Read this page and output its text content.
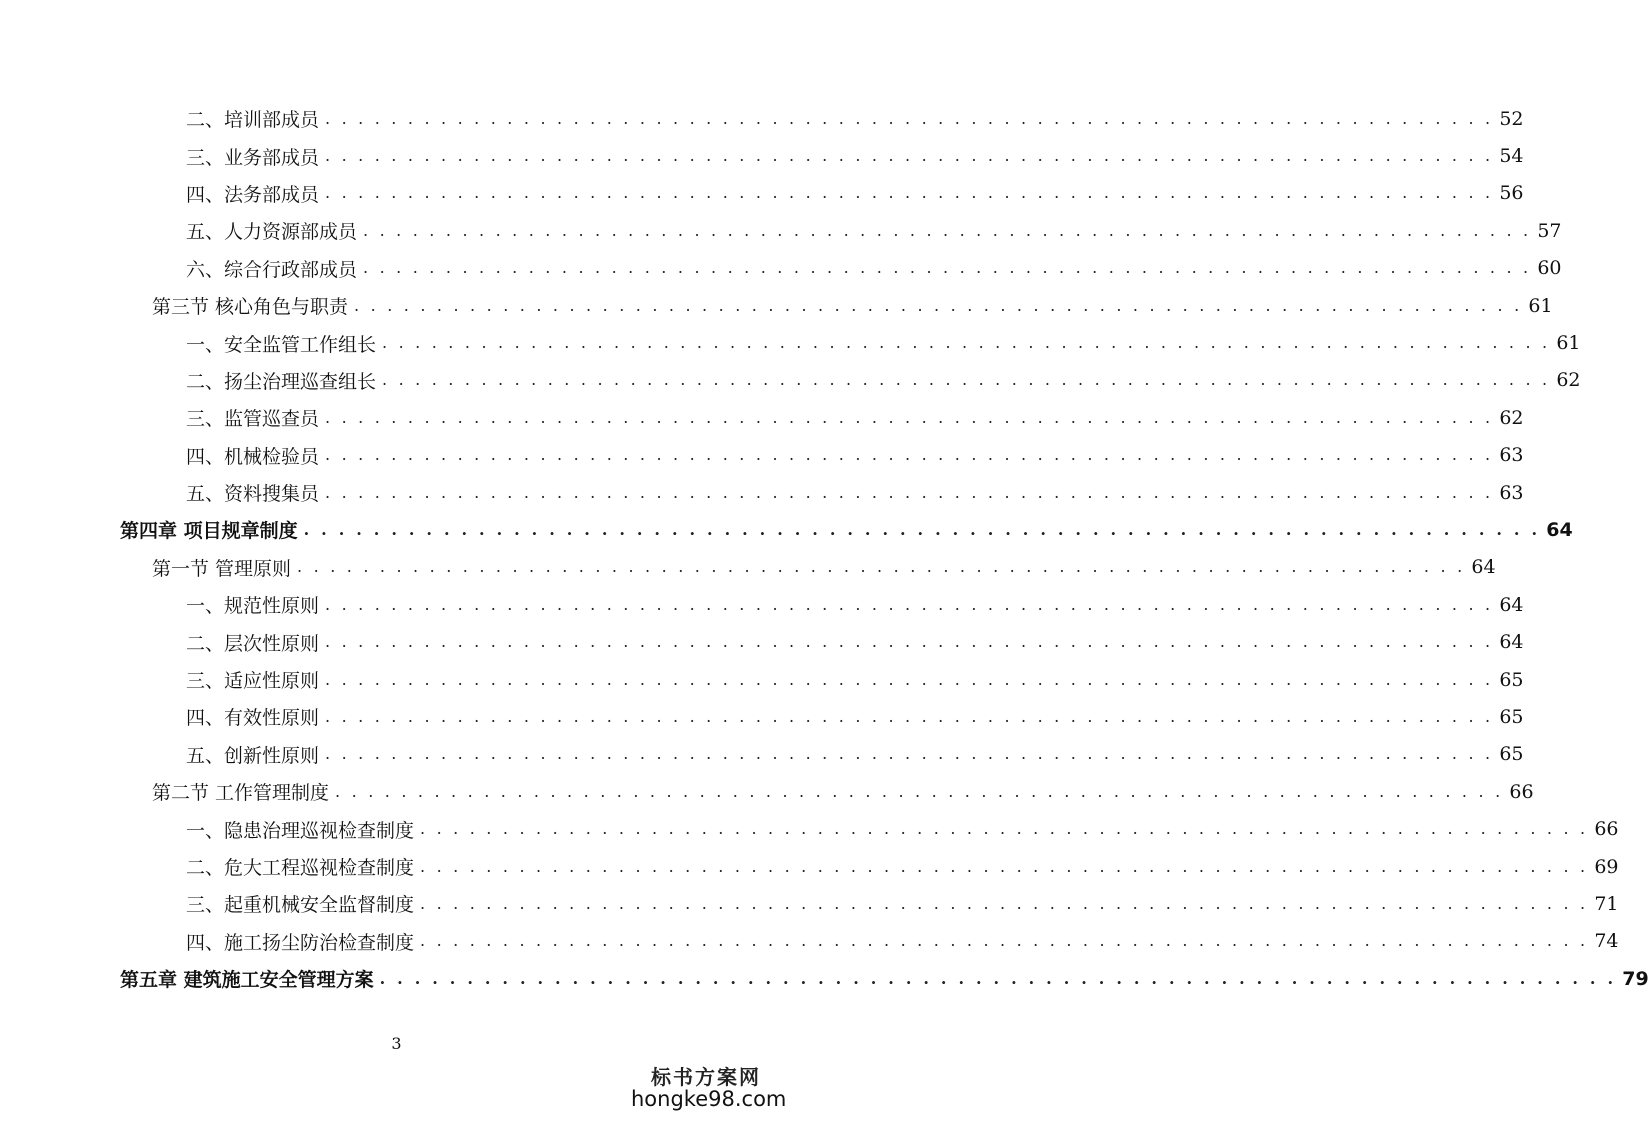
二、培训部成员 . . . . . . . . . . . . . . . . . . . . . . . . . . . . . . . . . . . . . . . . . . . . . . . . . . . . . . . . . . . . . . . . . . . . . . . 52
三、业务部成员 . . . . . . . . . . . . . . . . . . . . . . . . . . . . . . . . . . . . . . . . . . . . . . . . . . . . . . . . . . . . . . . . . . . . . . . 54
四、法务部成员 . . . . . . . . . . . . . . . . . . . . . . . . . . . . . . . . . . . . . . . . . . . . . . . . . . . . . . . . . . . . . . . . . . . . . . . 56
五、人力资源部成员 . . . . . . . . . . . . . . . . . . . . . . . . . . . . . . . . . . . . . . . . . . . . . . . . . . . . . . . . . . . . . . . . . . . . . . . 57
六、综合行政部成员 . . . . . . . . . . . . . . . . . . . . . . . . . . . . . . . . . . . . . . . . . . . . . . . . . . . . . . . . . . . . . . . . . . . . . . . 60
第三节 核心角色与职责 . . . . . . . . . . . . . . . . . . . . . . . . . . . . . . . . . . . . . . . . . . . . . . . . . . . . . . . . . . . . . . . . . . . . . . . 61
一、安全监管工作组长 . . . . . . . . . . . . . . . . . . . . . . . . . . . . . . . . . . . . . . . . . . . . . . . . . . . . . . . . . . . . . . . . . . . . . . . 61
二、扬尘治理巡查组长 . . . . . . . . . . . . . . . . . . . . . . . . . . . . . . . . . . . . . . . . . . . . . . . . . . . . . . . . . . . . . . . . . . . . . . . 62
三、监管巡查员 . . . . . . . . . . . . . . . . . . . . . . . . . . . . . . . . . . . . . . . . . . . . . . . . . . . . . . . . . . . . . . . . . . . . . . . 62
四、机械检验员 . . . . . . . . . . . . . . . . . . . . . . . . . . . . . . . . . . . . . . . . . . . . . . . . . . . . . . . . . . . . . . . . . . . . . . . 63
五、资料搜集员 . . . . . . . . . . . . . . . . . . . . . . . . . . . . . . . . . . . . . . . . . . . . . . . . . . . . . . . . . . . . . . . . . . . . . . . 63
第四章 项目规章制度 . . . . . . . . . . . . . . . . . . . . . . . . . . . . . . . . . . . . . . . . . . . . . . . . . . . . . . . . . . . . . . . . . . . . . . . 64
第一节 管理原则 . . . . . . . . . . . . . . . . . . . . . . . . . . . . . . . . . . . . . . . . . . . . . . . . . . . . . . . . . . . . . . . . . . . . . . . 64
一、规范性原则 . . . . . . . . . . . . . . . . . . . . . . . . . . . . . . . . . . . . . . . . . . . . . . . . . . . . . . . . . . . . . . . . . . . . . . . 64
二、层次性原则 . . . . . . . . . . . . . . . . . . . . . . . . . . . . . . . . . . . . . . . . . . . . . . . . . . . . . . . . . . . . . . . . . . . . . . . 64
三、适应性原则 . . . . . . . . . . . . . . . . . . . . . . . . . . . . . . . . . . . . . . . . . . . . . . . . . . . . . . . . . . . . . . . . . . . . . . . 65
四、有效性原则 . . . . . . . . . . . . . . . . . . . . . . . . . . . . . . . . . . . . . . . . . . . . . . . . . . . . . . . . . . . . . . . . . . . . . . . 65
五、创新性原则 . . . . . . . . . . . . . . . . . . . . . . . . . . . . . . . . . . . . . . . . . . . . . . . . . . . . . . . . . . . . . . . . . . . . . . . 65
第二节 工作管理制度 . . . . . . . . . . . . . . . . . . . . . . . . . . . . . . . . . . . . . . . . . . . . . . . . . . . . . . . . . . . . . . . . . . . . . . . 66
一、隐患治理巡视检查制度 . . . . . . . . . . . . . . . . . . . . . . . . . . . . . . . . . . . . . . . . . . . . . . . . . . . . . . . . . . . . . . . . . . . . . . . 66
二、危大工程巡视检查制度 . . . . . . . . . . . . . . . . . . . . . . . . . . . . . . . . . . . . . . . . . . . . . . . . . . . . . . . . . . . . . . . . . . . . . . . 69
三、起重机械安全监督制度 . . . . . . . . . . . . . . . . . . . . . . . . . . . . . . . . . . . . . . . . . . . . . . . . . . . . . . . . . . . . . . . . . . . . . . . 71
四、施工扬尘防治检查制度 . . . . . . . . . . . . . . . . . . . . . . . . . . . . . . . . . . . . . . . . . . . . . . . . . . . . . . . . . . . . . . . . . . . . . . . 74
第五章 建筑施工安全管理方案 . . . . . . . . . . . . . . . . . . . . . . . . . . . . . . . . . . . . . . . . . . . . . . . . . . . . . . . . . . . . . . . . . . . . . . . 79
3
标书方案网
hongke98.com
